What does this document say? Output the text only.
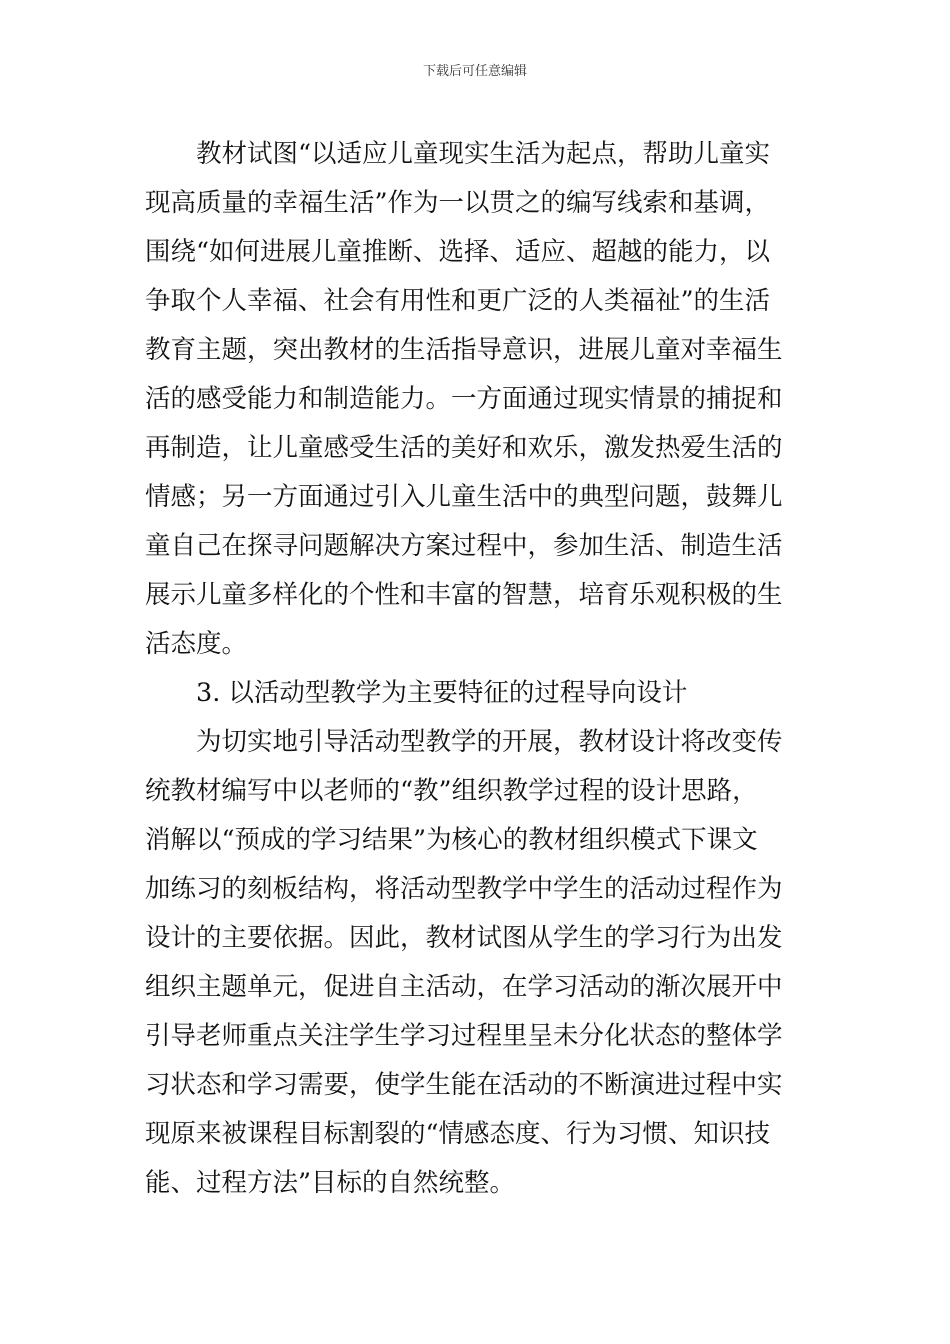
下载后可任意编辑
教材试图“以适应儿童现实生活为起点，帮助儿童实
现高质量的幸福生活”作为一以贯之的编写线索和基调，
围绕“如何进展儿童推断、选择、适应、超越的能力，以
争取个人幸福、社会有用性和更广泛的人类福祉”的生活
教育主题，突出教材的生活指导意识，进展儿童对幸福生
活的感受能力和制造能力。一方面通过现实情景的捕捉和
再制造，让儿童感受生活的美好和欢乐，激发热爱生活的
情感；另一方面通过引入儿童生活中的典型问题，鼓舞儿
童自己在探寻问题解决方案过程中，参加生活、制造生活
展示儿童多样化的个性和丰富的智慧，培育乐观积极的生
活态度。
3. 以活动型教学为主要特征的过程导向设计
为切实地引导活动型教学的开展，教材设计将改变传
统教材编写中以老师的“教”组织教学过程的设计思路，
消解以“预成的学习结果”为核心的教材组织模式下课文
加练习的刻板结构，将活动型教学中学生的活动过程作为
设计的主要依据。因此，教材试图从学生的学习行为出发
组织主题单元，促进自主活动，在学习活动的渐次展开中
引导老师重点关注学生学习过程里呈未分化状态的整体学
习状态和学习需要，使学生能在活动的不断演进过程中实
现原来被课程目标割裂的“情感态度、行为习惯、知识技
能、过程方法”目标的自然统整。
